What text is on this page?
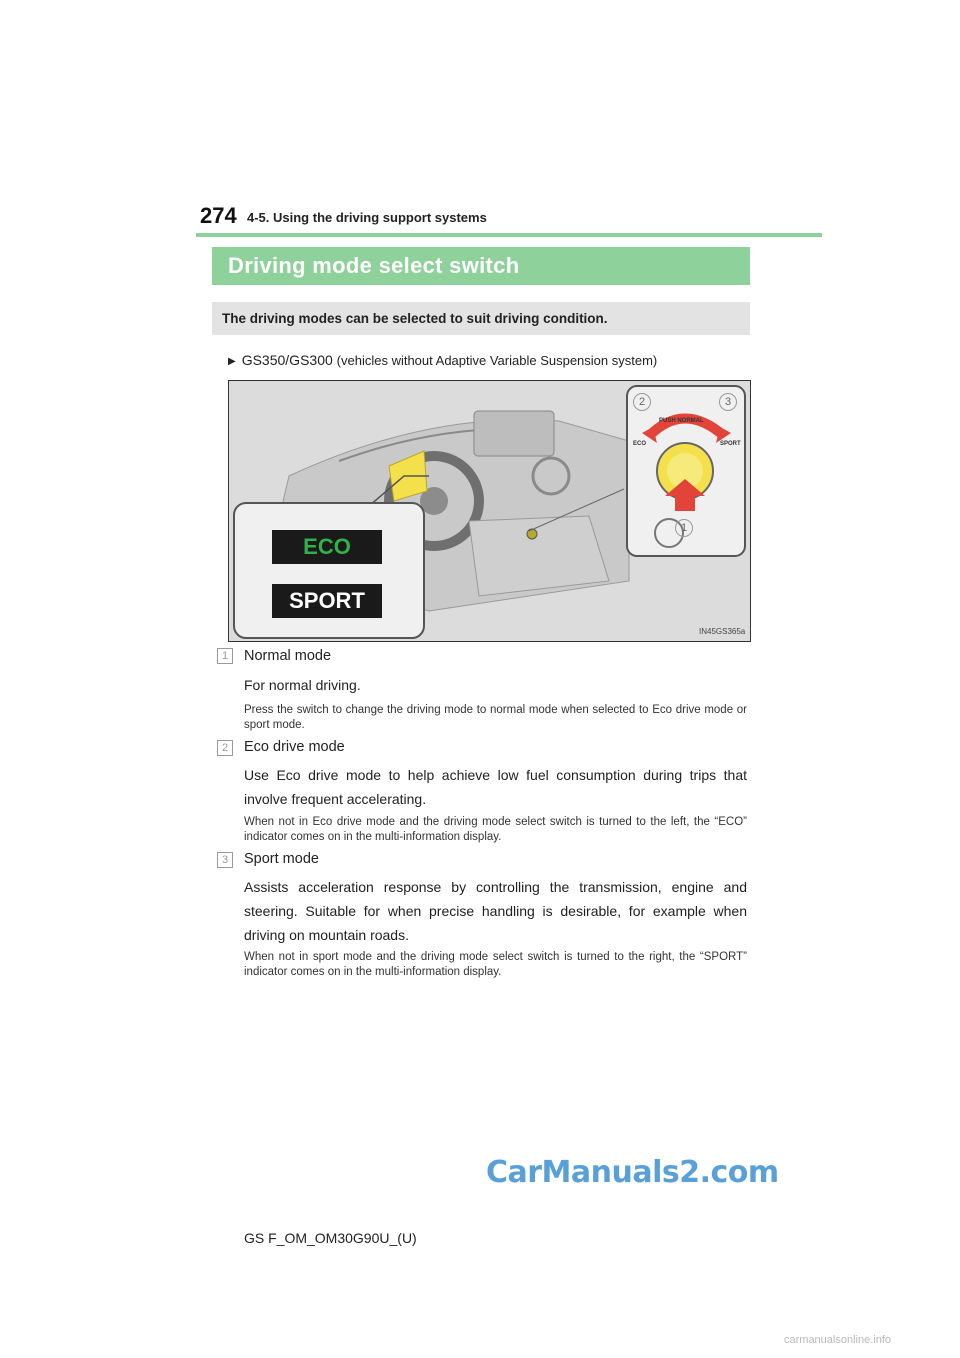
274 4-5. Using the driving support systems
Driving mode select switch
The driving modes can be selected to suit driving condition.
▶ GS350/GS300 (vehicles without Adaptive Variable Suspension system)
ECO
SPORT
PUSH NORMAL
ECO	SPORT
2	3
1
IN45GS365a
1	Normal mode
For normal driving.
Press the switch to change the driving mode to normal mode when selected to Eco drive mode or sport mode.
2	Eco drive mode
Use Eco drive mode to help achieve low fuel consumption during trips that involve frequent accelerating.
When not in Eco drive mode and the driving mode select switch is turned to the left, the “ECO” indicator comes on in the multi-information display.
3	Sport mode
Assists acceleration response by controlling the transmission, engine and steering. Suitable for when precise handling is desirable, for example when driving on mountain roads.
When not in sport mode and the driving mode select switch is turned to the right, the “SPORT” indicator comes on in the multi-information display.
CarManuals2.com
GS F_OM_OM30G90U_(U)
carmanualsonline.info
